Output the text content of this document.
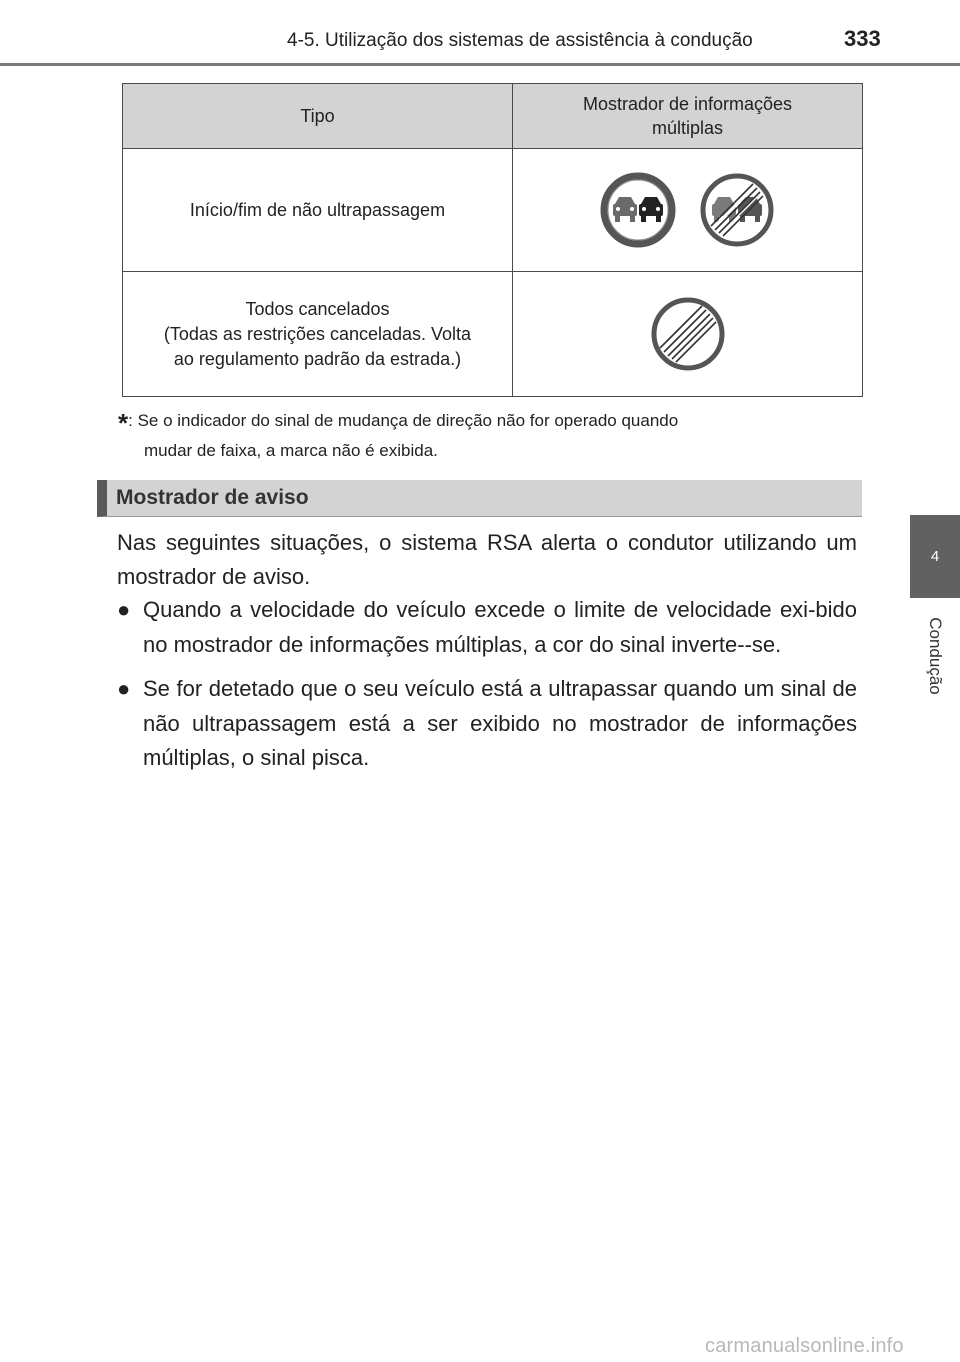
4-5. Utilização dos sistemas de assistência à condução	333
4
Condução
Tipo	Mostrador de informações múltiplas
Início/fim de não ultrapassagem	

Todos cancelados
(Todas as restrições canceladas. Volta
ao regulamento padrão da estrada.)

*: Se o indicador do sinal de mudança de direção não for operado quando
mudar de faixa, a marca não é exibida.
Mostrador de aviso
Nas seguintes situações, o sistema RSA alerta o condutor utilizando um mostrador de aviso.
● Quando a velocidade do veículo excede o limite de velocidade exi-bido no mostrador de informações múltiplas, a cor do sinal inverte--se.
● Se for detetado que o seu veículo está a ultrapassar quando um sinal de não ultrapassagem está a ser exibido no mostrador de informações múltiplas, o sinal pisca.
carmanualsonline.info
